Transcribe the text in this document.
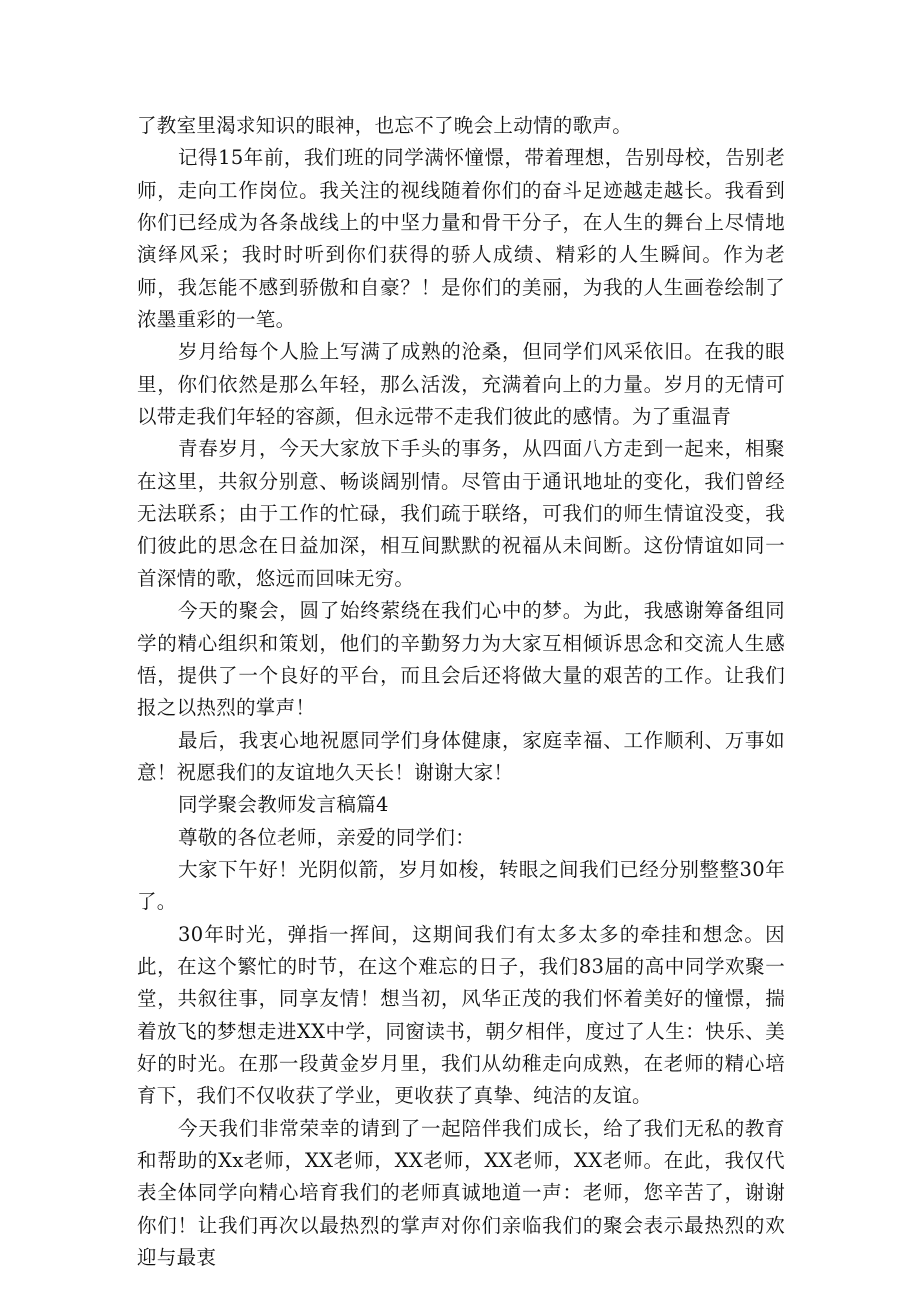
了教室里渴求知识的眼神，也忘不了晚会上动情的歌声。

记得15年前，我们班的同学满怀憧憬，带着理想，告别母校，告别老师，走向工作岗位。我关注的视线随着你们的奋斗足迹越走越长。我看到你们已经成为各条战线上的中坚力量和骨干分子，在人生的舞台上尽情地演绎风采；我时时听到你们获得的骄人成绩、精彩的人生瞬间。作为老师，我怎能不感到骄傲和自豪？！是你们的美丽，为我的人生画卷绘制了浓墨重彩的一笔。

岁月给每个人脸上写满了成熟的沧桑，但同学们风采依旧。在我的眼里，你们依然是那么年轻，那么活泼，充满着向上的力量。岁月的无情可以带走我们年轻的容颜，但永远带不走我们彼此的感情。为了重温青

青春岁月，今天大家放下手头的事务，从四面八方走到一起来，相聚在这里，共叙分别意、畅谈阔别情。尽管由于通讯地址的变化，我们曾经无法联系；由于工作的忙碌，我们疏于联络，可我们的师生情谊没变，我们彼此的思念在日益加深，相互间默默的祝福从未间断。这份情谊如同一首深情的歌，悠远而回味无穷。

今天的聚会，圆了始终萦绕在我们心中的梦。为此，我感谢筹备组同学的精心组织和策划，他们的辛勤努力为大家互相倾诉思念和交流人生感悟，提供了一个良好的平台，而且会后还将做大量的艰苦的工作。让我们报之以热烈的掌声！

最后，我衷心地祝愿同学们身体健康，家庭幸福、工作顺利、万事如意！祝愿我们的友谊地久天长！谢谢大家！

同学聚会教师发言稿篇4

尊敬的各位老师，亲爱的同学们：

大家下午好！光阴似箭，岁月如梭，转眼之间我们已经分别整整30年了。

30年时光，弹指一挥间，这期间我们有太多太多的牵挂和想念。因此，在这个繁忙的时节，在这个难忘的日子，我们83届的高中同学欢聚一堂，共叙往事，同享友情！想当初，风华正茂的我们怀着美好的憧憬，揣着放飞的梦想走进XX中学，同窗读书，朝夕相伴，度过了人生：快乐、美好的时光。在那一段黄金岁月里，我们从幼稚走向成熟，在老师的精心培育下，我们不仅收获了学业，更收获了真挚、纯洁的友谊。

今天我们非常荣幸的请到了一起陪伴我们成长，给了我们无私的教育和帮助的Xx老师，XX老师，XX老师，XX老师，XX老师。在此，我仅代表全体同学向精心培育我们的老师真诚地道一声：老师，您辛苦了，谢谢你们！让我们再次以最热烈的掌声对你们亲临我们的聚会表示最热烈的欢迎与最衷
